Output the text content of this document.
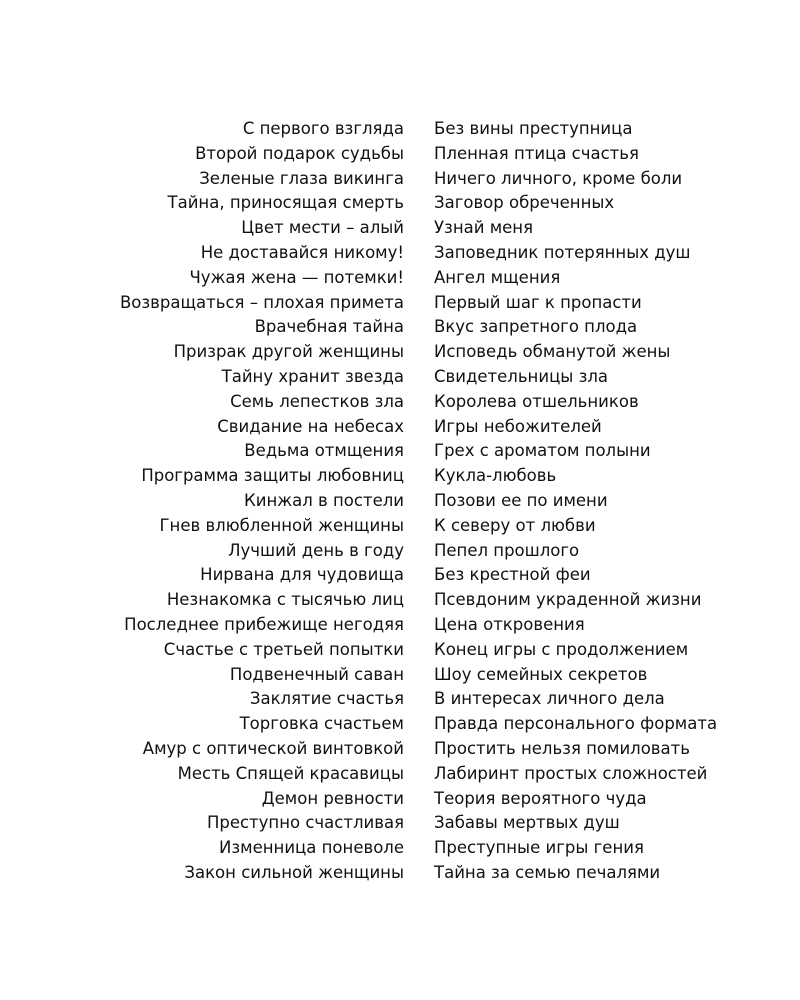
С первого взгляда
Второй подарок судьбы
Зеленые глаза викинга
Тайна, приносящая смерть
Цвет мести – алый
Не доставайся никому!
Чужая жена — потемки!
Возвращаться – плохая примета
Врачебная тайна
Призрак другой женщины
Тайну хранит звезда
Семь лепестков зла
Свидание на небесах
Ведьма отмщения
Программа защиты любовниц
Кинжал в постели
Гнев влюбленной женщины
Лучший день в году
Нирвана для чудовища
Незнакомка с тысячью лиц
Последнее прибежище негодяя
Счастье с третьей попытки
Подвенечный саван
Заклятие счастья
Торговка счастьем
Амур с оптической винтовкой
Месть Спящей красавицы
Демон ревности
Преступно счастливая
Изменница поневоле
Закон сильной женщины
Без вины преступница
Пленная птица счастья
Ничего личного, кроме боли
Заговор обреченных
Узнай меня
Заповедник потерянных душ
Ангел мщения
Первый шаг к пропасти
Вкус запретного плода
Исповедь обманутой жены
Свидетельницы зла
Королева отшельников
Игры небожителей
Грех с ароматом полыни
Кукла-любовь
Позови ее по имени
К северу от любви
Пепел прошлого
Без крестной феи
Псевдоним украденной жизни
Цена откровения
Конец игры с продолжением
Шоу семейных секретов
В интересах личного дела
Правда персонального формата
Простить нельзя помиловать
Лабиринт простых сложностей
Теория вероятного чуда
Забавы мертвых душ
Преступные игры гения
Тайна за семью печалями
